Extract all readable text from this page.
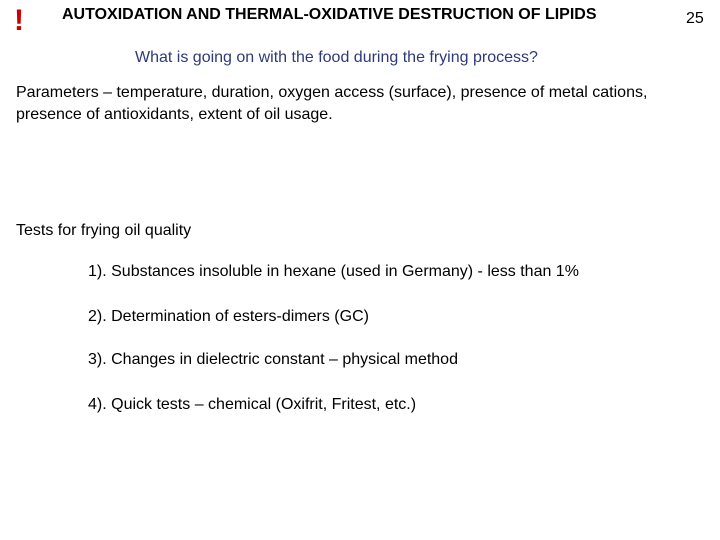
! AUTOXIDATION AND THERMAL-OXIDATIVE DESTRUCTION OF LIPIDS	25
What is going on with the food during the frying process?
Parameters – temperature, duration, oxygen access (surface), presence of metal cations, presence of antioxidants, extent of oil usage.
Tests for frying oil quality
1). Substances insoluble in hexane (used in Germany) - less than 1%
2). Determination of esters-dimers (GC)
3). Changes in dielectric constant – physical method
4). Quick tests – chemical (Oxifrit, Fritest, etc.)
